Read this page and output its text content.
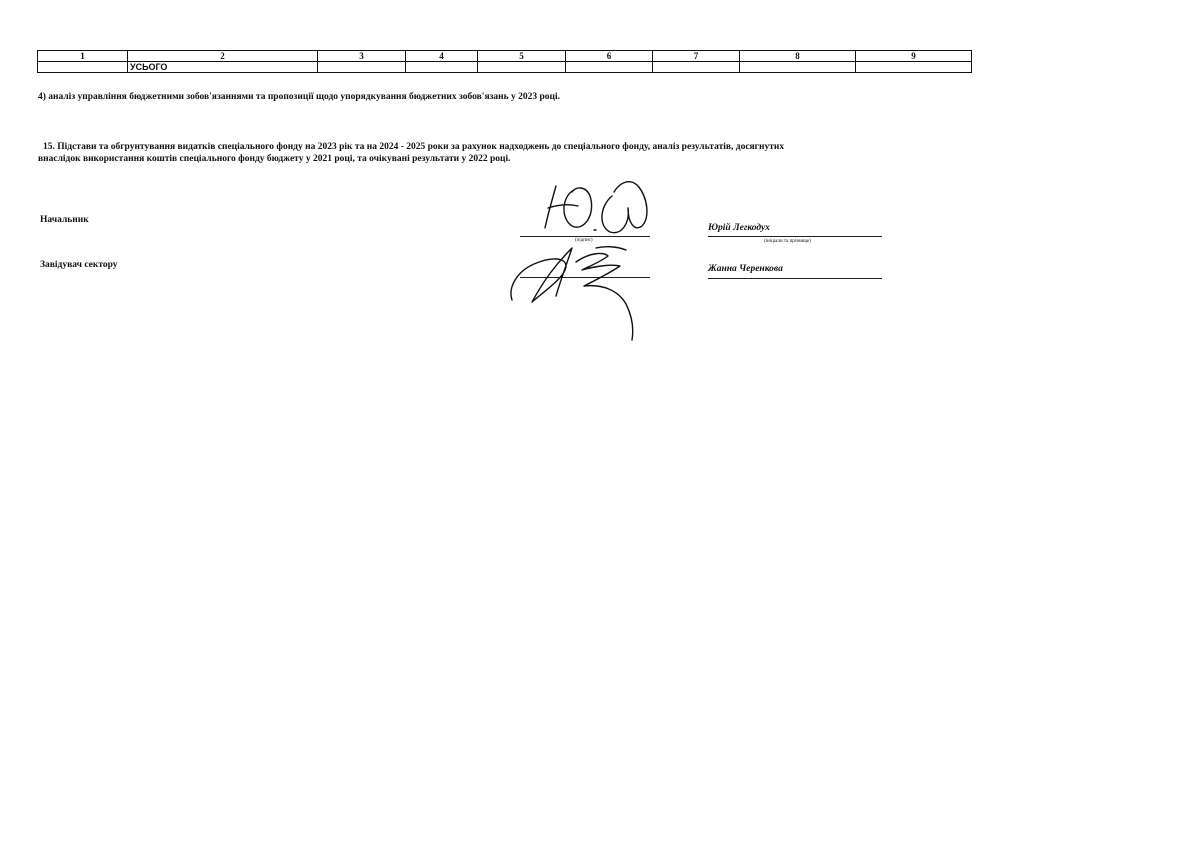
1	2	3	4	5	6	7	8	9
	УСЬОГО							
4) аналіз управління бюджетними зобов'язаннями та пропозиції щодо упорядкування бюджетних зобов'язань у 2023 році.
15. Підстави та обгрунтування видатків спеціального фонду на 2023 рік та на 2024 - 2025 роки за рахунок надходжень до спеціального фонду, аналіз результатів, досягнутих
внаслідок використання коштів спеціального фонду бюджету у 2021 році, та очікувані результати у 2022 році.
Начальник
Завідувач сектору
(підпис)
Юрій Легкодух
(ініціали та прізвище)
Жанна Черенкова
